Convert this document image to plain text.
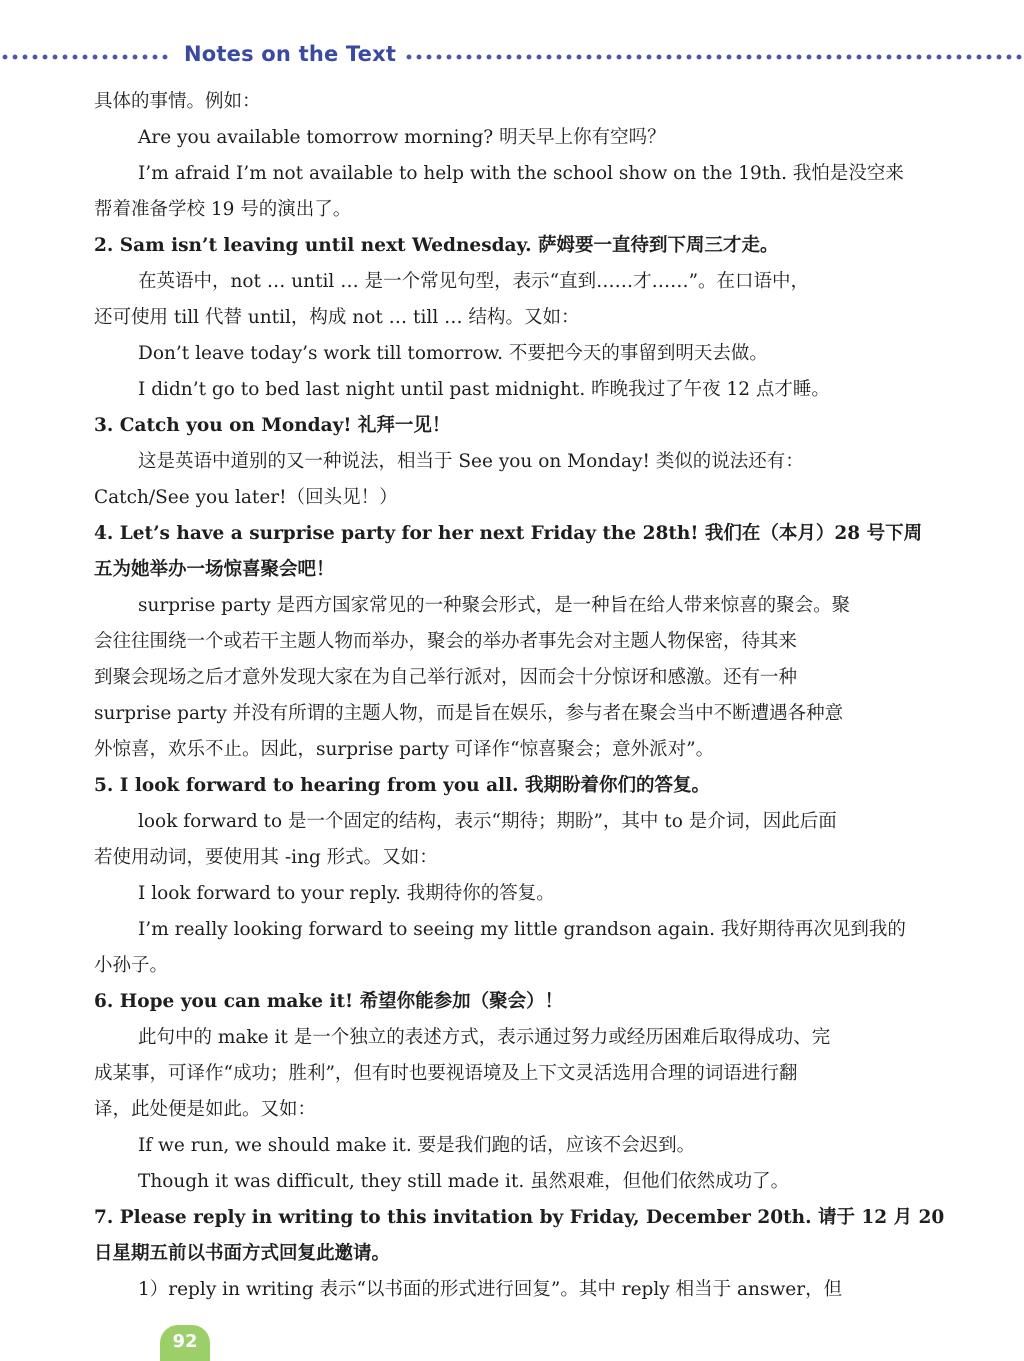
Notes on the Text
具体的事情。例如：
Are you available tomorrow morning? 明天早上你有空吗？
I’m afraid I’m not available to help with the school show on the 19th. 我怕是没空来
帮着准备学校 19 号的演出了。
2. Sam isn’t leaving until next Wednesday. 萨姆要一直待到下周三才走。
在英语中，not … until … 是一个常见句型，表示“直到……才……”。在口语中，
还可使用 till 代替 until，构成 not … till … 结构。又如：
Don’t leave today’s work till tomorrow. 不要把今天的事留到明天去做。
I didn’t go to bed last night until past midnight. 昨晚我过了午夜 12 点才睡。
3. Catch you on Monday! 礼拜一见！
这是英语中道别的又一种说法，相当于 See you on Monday! 类似的说法还有：
Catch/See you later!（回头见！）
4. Let’s have a surprise party for her next Friday the 28th! 我们在（本月）28 号下周
五为她举办一场惊喜聚会吧！
surprise party 是西方国家常见的一种聚会形式，是一种旨在给人带来惊喜的聚会。聚
会往往围绕一个或若干主题人物而举办，聚会的举办者事先会对主题人物保密，待其来
到聚会现场之后才意外发现大家在为自己举行派对，因而会十分惊讶和感激。还有一种
surprise party 并没有所谓的主题人物，而是旨在娱乐，参与者在聚会当中不断遭遇各种意
外惊喜，欢乐不止。因此，surprise party 可译作“惊喜聚会；意外派对”。
5. I look forward to hearing from you all. 我期盼着你们的答复。
look forward to 是一个固定的结构，表示“期待；期盼”，其中 to 是介词，因此后面
若使用动词，要使用其 -ing 形式。又如：
I look forward to your reply. 我期待你的答复。
I’m really looking forward to seeing my little grandson again. 我好期待再次见到我的
小孙子。
6. Hope you can make it! 希望你能参加（聚会）！
此句中的 make it 是一个独立的表述方式，表示通过努力或经历困难后取得成功、完
成某事，可译作“成功；胜利”，但有时也要视语境及上下文灵活选用合理的词语进行翻
译，此处便是如此。又如：
If we run, we should make it. 要是我们跑的话，应该不会迟到。
Though it was difficult, they still made it. 虽然艰难，但他们依然成功了。
7. Please reply in writing to this invitation by Friday, December 20th. 请于 12 月 20
日星期五前以书面方式回复此邀请。
1）reply in writing 表示“以书面的形式进行回复”。其中 reply 相当于 answer，但
92
